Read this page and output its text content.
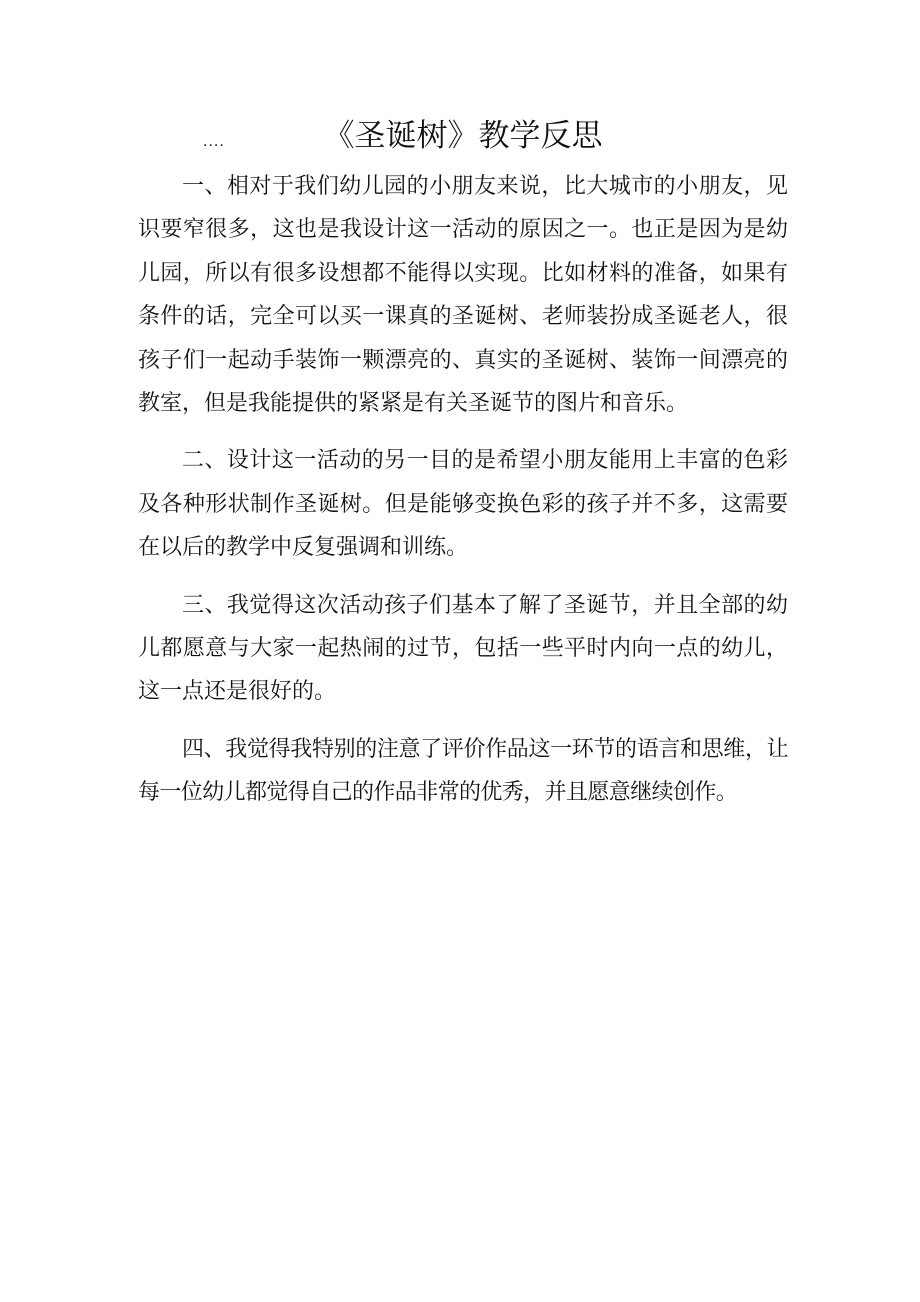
....	《圣诞树》教学反思

一、相对于我们幼儿园的小朋友来说，比大城市的小朋友，见识要窄很多，这也是我设计这一活动的原因之一。也正是因为是幼儿园，所以有很多设想都不能得以实现。比如材料的准备，如果有条件的话，完全可以买一课真的圣诞树、老师装扮成圣诞老人，很孩子们一起动手装饰一颗漂亮的、真实的圣诞树、装饰一间漂亮的教室，但是我能提供的紧紧是有关圣诞节的图片和音乐。

二、设计这一活动的另一目的是希望小朋友能用上丰富的色彩及各种形状制作圣诞树。但是能够变换色彩的孩子并不多，这需要在以后的教学中反复强调和训练。

三、我觉得这次活动孩子们基本了解了圣诞节，并且全部的幼儿都愿意与大家一起热闹的过节，包括一些平时内向一点的幼儿，这一点还是很好的。

四、我觉得我特别的注意了评价作品这一环节的语言和思维，让每一位幼儿都觉得自己的作品非常的优秀，并且愿意继续创作。
